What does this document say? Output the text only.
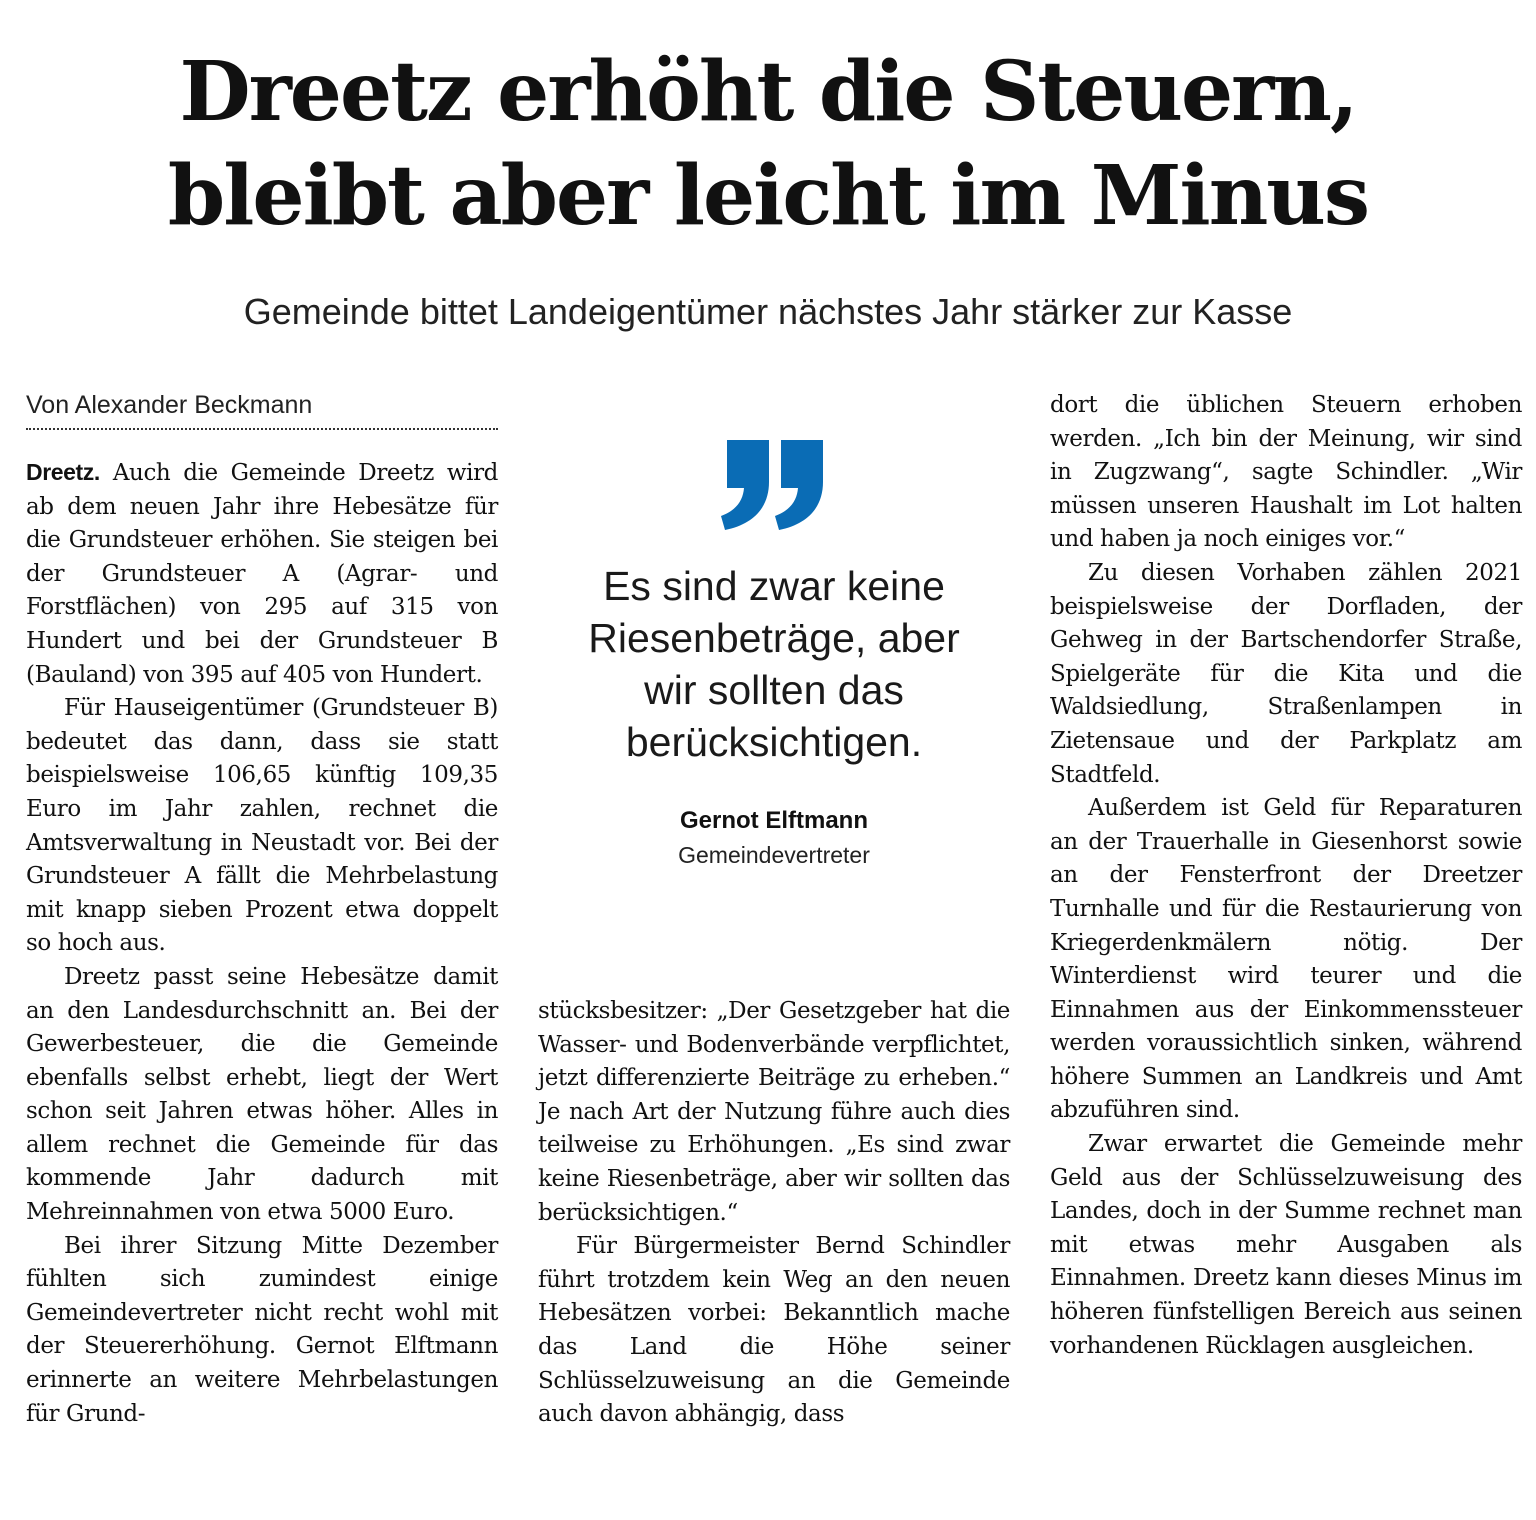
Dreetz erhöht die Steuern,
bleibt aber leicht im Minus
Gemeinde bittet Landeigentümer nächstes Jahr stärker zur Kasse
Von Alexander Beckmann

Dreetz. Auch die Gemeinde Dreetz wird ab dem neuen Jahr ihre Hebesätze für die Grundsteuer erhöhen. Sie steigen bei der Grundsteuer A (Agrar- und Forstflächen) von 295 auf 315 von Hundert und bei der Grundsteuer B (Bauland) von 395 auf 405 von Hundert.

Für Hauseigentümer (Grundsteuer B) bedeutet das dann, dass sie statt beispielsweise 106,65 künftig 109,35 Euro im Jahr zahlen, rechnet die Amtsverwaltung in Neustadt vor. Bei der Grundsteuer A fällt die Mehrbelastung mit knapp sieben Prozent etwa doppelt so hoch aus.

Dreetz passt seine Hebesätze damit an den Landesdurchschnitt an. Bei der Gewerbesteuer, die die Gemeinde ebenfalls selbst erhebt, liegt der Wert schon seit Jahren etwas höher. Alles in allem rechnet die Gemeinde für das kommende Jahr dadurch mit Mehreinnahmen von etwa 5000 Euro.

Bei ihrer Sitzung Mitte Dezember fühlten sich zumindest einige Gemeindevertreter nicht recht wohl mit der Steuererhöhung. Gernot Elftmann erinnerte an weitere Mehrbelastungen für Grund-

Es sind zwar keine Riesenbeträge, aber wir sollten das berücksichtigen.
Gernot Elftmann
Gemeindevertreter

stücksbesitzer: „Der Gesetzgeber hat die Wasser- und Bodenverbände verpflichtet, jetzt differenzierte Beiträge zu erheben.“ Je nach Art der Nutzung führe auch dies teilweise zu Erhöhungen. „Es sind zwar keine Riesenbeträge, aber wir sollten das berücksichtigen.“

Für Bürgermeister Bernd Schindler führt trotzdem kein Weg an den neuen Hebesätzen vorbei: Bekanntlich mache das Land die Höhe seiner Schlüsselzuweisung an die Gemeinde auch davon abhängig, dass

dort die üblichen Steuern erhoben werden. „Ich bin der Meinung, wir sind in Zugzwang“, sagte Schindler. „Wir müssen unseren Haushalt im Lot halten und haben ja noch einiges vor.“

Zu diesen Vorhaben zählen 2021 beispielsweise der Dorfladen, der Gehweg in der Bartschendorfer Straße, Spielgeräte für die Kita und die Waldsiedlung, Straßenlampen in Zietensaue und der Parkplatz am Stadtfeld.

Außerdem ist Geld für Reparaturen an der Trauerhalle in Giesenhorst sowie an der Fensterfront der Dreetzer Turnhalle und für die Restaurierung von Kriegerdenkmälern nötig. Der Winterdienst wird teurer und die Einnahmen aus der Einkommenssteuer werden voraussichtlich sinken, während höhere Summen an Landkreis und Amt abzuführen sind.

Zwar erwartet die Gemeinde mehr Geld aus der Schlüsselzuweisung des Landes, doch in der Summe rechnet man mit etwas mehr Ausgaben als Einnahmen. Dreetz kann dieses Minus im höheren fünfstelligen Bereich aus seinen vorhandenen Rücklagen ausgleichen.
